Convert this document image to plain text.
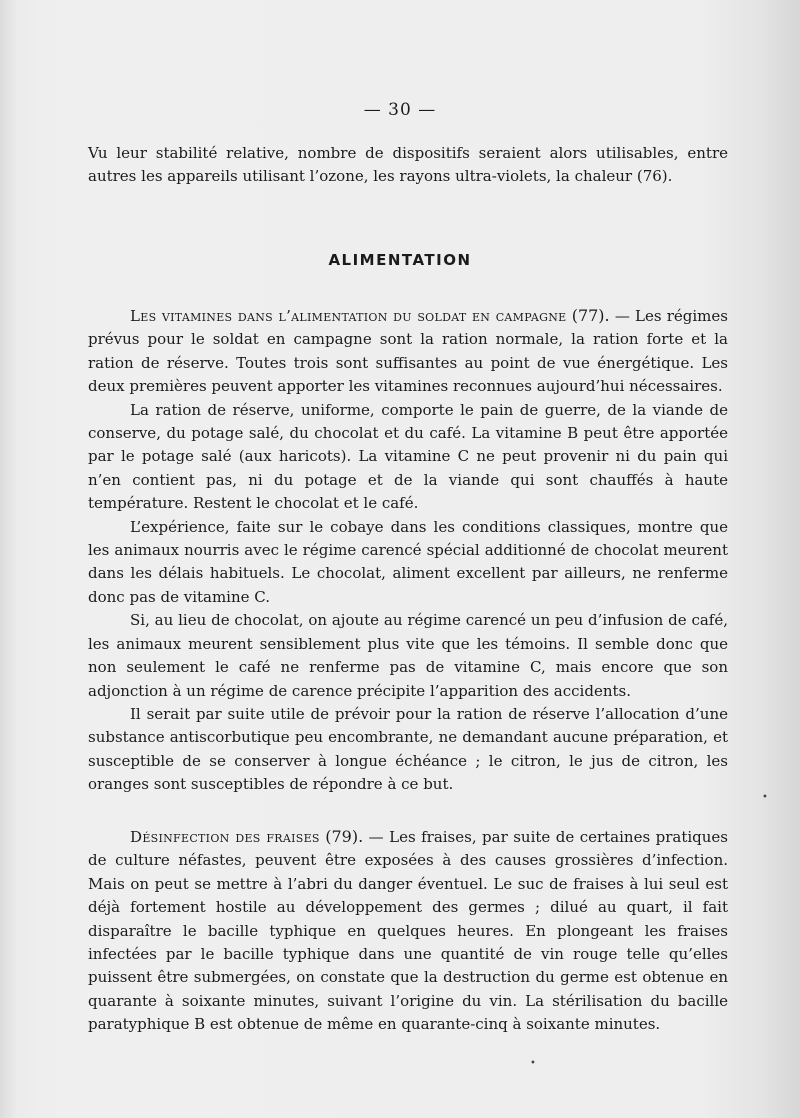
— 30 —

Vu leur stabilité relative, nombre de dispositifs seraient alors utilisables, entre autres les appareils utilisant l’ozone, les rayons ultra-violets, la chaleur (76).

ALIMENTATION

Les vitamines dans l’alimentation du soldat en campagne (77). — Les régimes prévus pour le soldat en campagne sont la ration normale, la ration forte et la ration de réserve. Toutes trois sont suffisantes au point de vue énergétique. Les deux premières peuvent apporter les vitamines reconnues aujourd’hui nécessaires.

La ration de réserve, uniforme, comporte le pain de guerre, de la viande de conserve, du potage salé, du chocolat et du café. La vitamine B peut être apportée par le potage salé (aux haricots). La vitamine C ne peut provenir ni du pain qui n’en contient pas, ni du potage et de la viande qui sont chauffés à haute température. Restent le chocolat et le café.

L’expérience, faite sur le cobaye dans les conditions classiques, montre que les animaux nourris avec le régime carencé spécial additionné de chocolat meurent dans les délais habituels. Le chocolat, aliment excellent par ailleurs, ne renferme donc pas de vitamine C.

Si, au lieu de chocolat, on ajoute au régime carencé un peu d’infusion de café, les animaux meurent sensiblement plus vite que les témoins. Il semble donc que non seulement le café ne renferme pas de vitamine C, mais encore que son adjonction à un régime de carence précipite l’apparition des accidents.

Il serait par suite utile de prévoir pour la ration de réserve l’allocation d’une substance antiscorbutique peu encombrante, ne demandant aucune préparation, et susceptible de se conserver à longue échéance ; le citron, le jus de citron, les oranges sont susceptibles de répondre à ce but.

Désinfection des fraises (79). — Les fraises, par suite de certaines pratiques de culture néfastes, peuvent être exposées à des causes grossières d’infection. Mais on peut se mettre à l’abri du danger éventuel. Le suc de fraises à lui seul est déjà fortement hostile au développement des germes ; dilué au quart, il fait disparaître le bacille typhique en quelques heures. En plongeant les fraises infectées par le bacille typhique dans une quantité de vin rouge telle qu’elles puissent être submergées, on constate que la destruction du germe est obtenue en quarante à soixante minutes, suivant l’origine du vin. La stérilisation du bacille paratyphique B est obtenue de même en quarante-cinq à soixante minutes.

•
•
